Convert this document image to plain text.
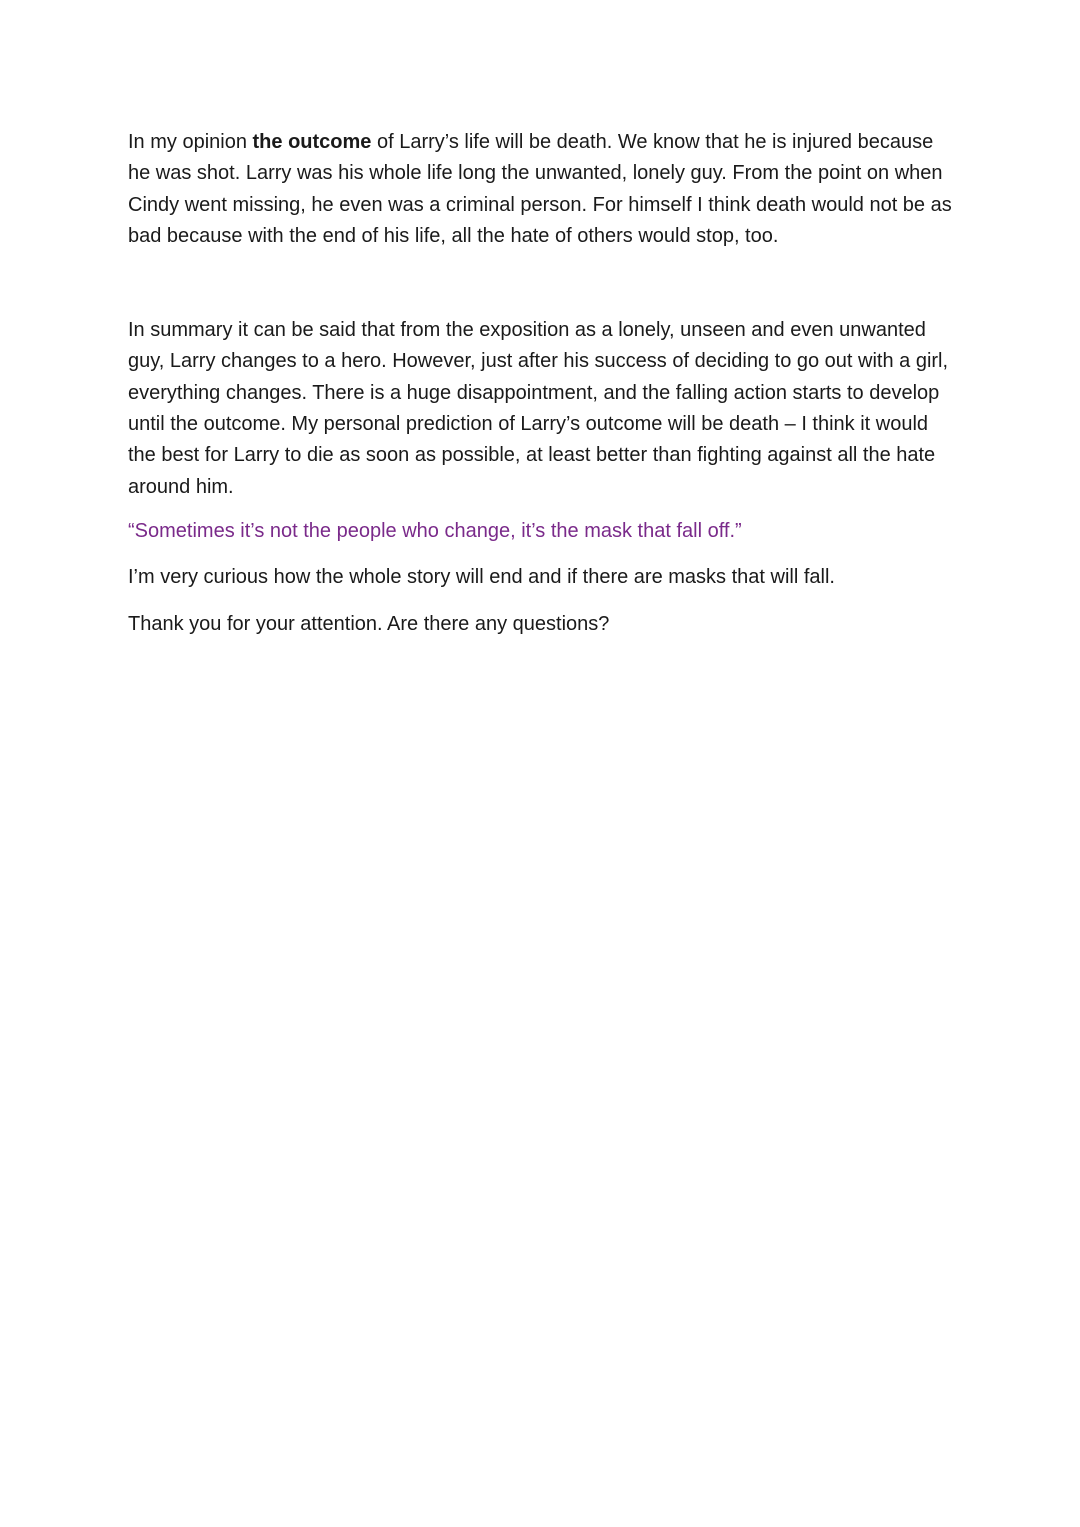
In my opinion the outcome of Larry’s life will be death. We know that he is injured because he was shot. Larry was his whole life long the unwanted, lonely guy. From the point on when Cindy went missing, he even was a criminal person. For himself I think death would not be as bad because with the end of his life, all the hate of others would stop, too.

In summary it can be said that from the exposition as a lonely, unseen and even unwanted guy, Larry changes to a hero. However, just after his success of deciding to go out with a girl, everything changes. There is a huge disappointment, and the falling action starts to develop until the outcome. My personal prediction of Larry’s outcome will be death – I think it would the best for Larry to die as soon as possible, at least better than fighting against all the hate around him.

“Sometimes it’s not the people who change, it’s the mask that fall off.”

I’m very curious how the whole story will end and if there are masks that will fall.

Thank you for your attention. Are there any questions?
